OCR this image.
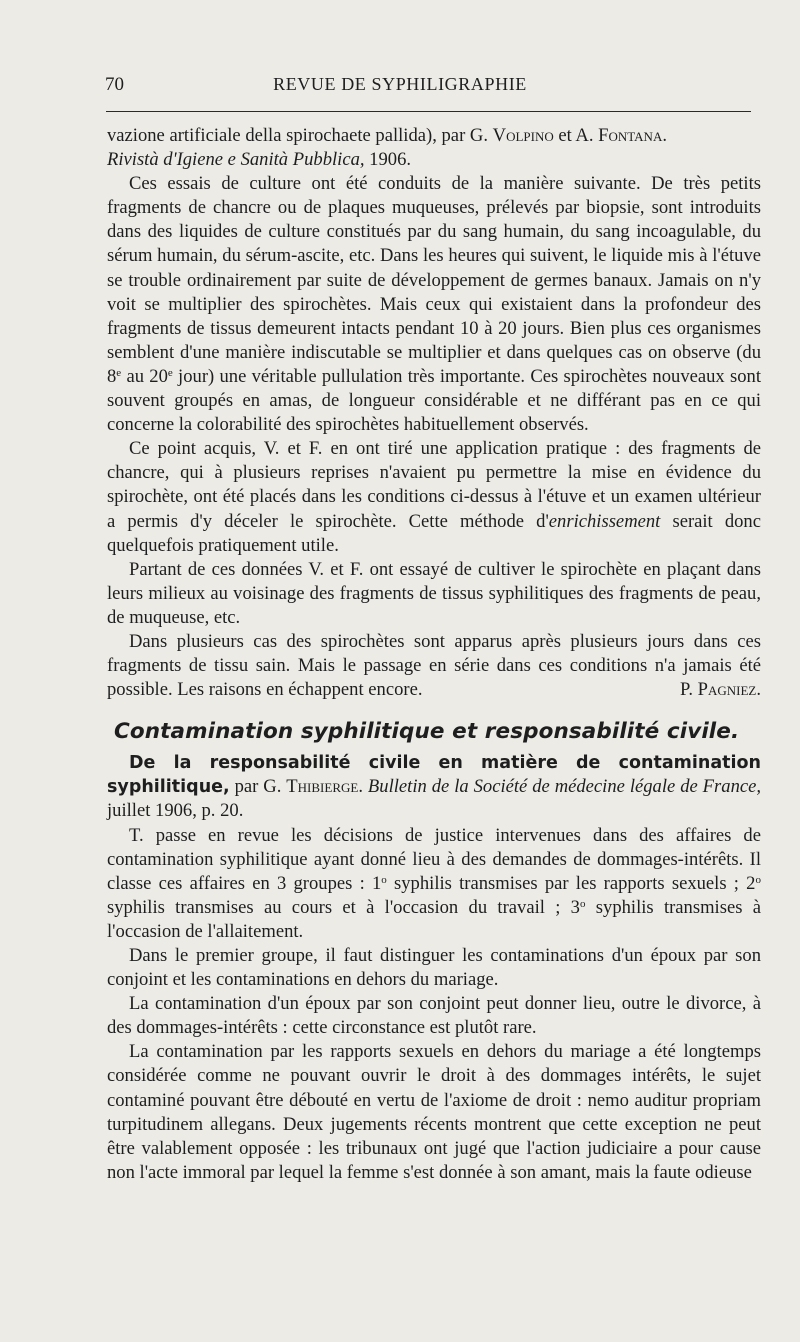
70	REVUE DE SYPHILIGRAPHIE

vazione artificiale della spirochaete pallida), par G. Volpino et A. Fontana.
Rivistà d'Igiene e Sanità Pubblica, 1906.

Ces essais de culture ont été conduits de la manière suivante. De très petits fragments de chancre ou de plaques muqueuses, prélevés par biopsie, sont introduits dans des liquides de culture constitués par du sang humain, du sang incoagulable, du sérum humain, du sérum-ascite, etc. Dans les heures qui suivent, le liquide mis à l'étuve se trouble ordinairement par suite de développement de germes banaux. Jamais on n'y voit se multiplier des spirochètes. Mais ceux qui existaient dans la profondeur des fragments de tissus demeurent intacts pendant 10 à 20 jours. Bien plus ces organismes semblent d'une manière indiscutable se multiplier et dans quelques cas on observe (du 8e au 20e jour) une véritable pullulation très importante. Ces spirochètes nouveaux sont souvent groupés en amas, de longueur considérable et ne différant pas en ce qui concerne la colorabilité des spirochètes habituellement observés.

Ce point acquis, V. et F. en ont tiré une application pratique : des fragments de chancre, qui à plusieurs reprises n'avaient pu permettre la mise en évidence du spirochète, ont été placés dans les conditions ci-dessus à l'étuve et un examen ultérieur a permis d'y déceler le spirochète. Cette méthode d'enrichissement serait donc quelquefois pratiquement utile.

Partant de ces données V. et F. ont essayé de cultiver le spirochète en plaçant dans leurs milieux au voisinage des fragments de tissus syphilitiques des fragments de peau, de muqueuse, etc.

Dans plusieurs cas des spirochètes sont apparus après plusieurs jours dans ces fragments de tissu sain. Mais le passage en série dans ces conditions n'a jamais été possible. Les raisons en échappent encore.	P. Pagniez.

Contamination syphilitique et responsabilité civile.

De la responsabilité civile en matière de contamination syphilitique, par G. Thibierge. Bulletin de la Société de médecine légale de France, juillet 1906, p. 20.

T. passe en revue les décisions de justice intervenues dans des affaires de contamination syphilitique ayant donné lieu à des demandes de dommages-intérêts. Il classe ces affaires en 3 groupes : 1$^o$ syphilis transmises par les rapports sexuels ; 2$^o$ syphilis transmises au cours et à l'occasion du travail ; 3$^o$ syphilis transmises à l'occasion de l'allaitement.

Dans le premier groupe, il faut distinguer les contaminations d'un époux par son conjoint et les contaminations en dehors du mariage.

La contamination d'un époux par son conjoint peut donner lieu, outre le divorce, à des dommages-intérêts : cette circonstance est plutôt rare.

La contamination par les rapports sexuels en dehors du mariage a été longtemps considérée comme ne pouvant ouvrir le droit à des dommages intérêts, le sujet contaminé pouvant être débouté en vertu de l'axiome de droit : nemo auditur propriam turpitudinem allegans. Deux jugements récents montrent que cette exception ne peut être valablement opposée : les tribunaux ont jugé que l'action judiciaire a pour cause non l'acte immoral par lequel la femme s'est donnée à son amant, mais la faute odieuse
